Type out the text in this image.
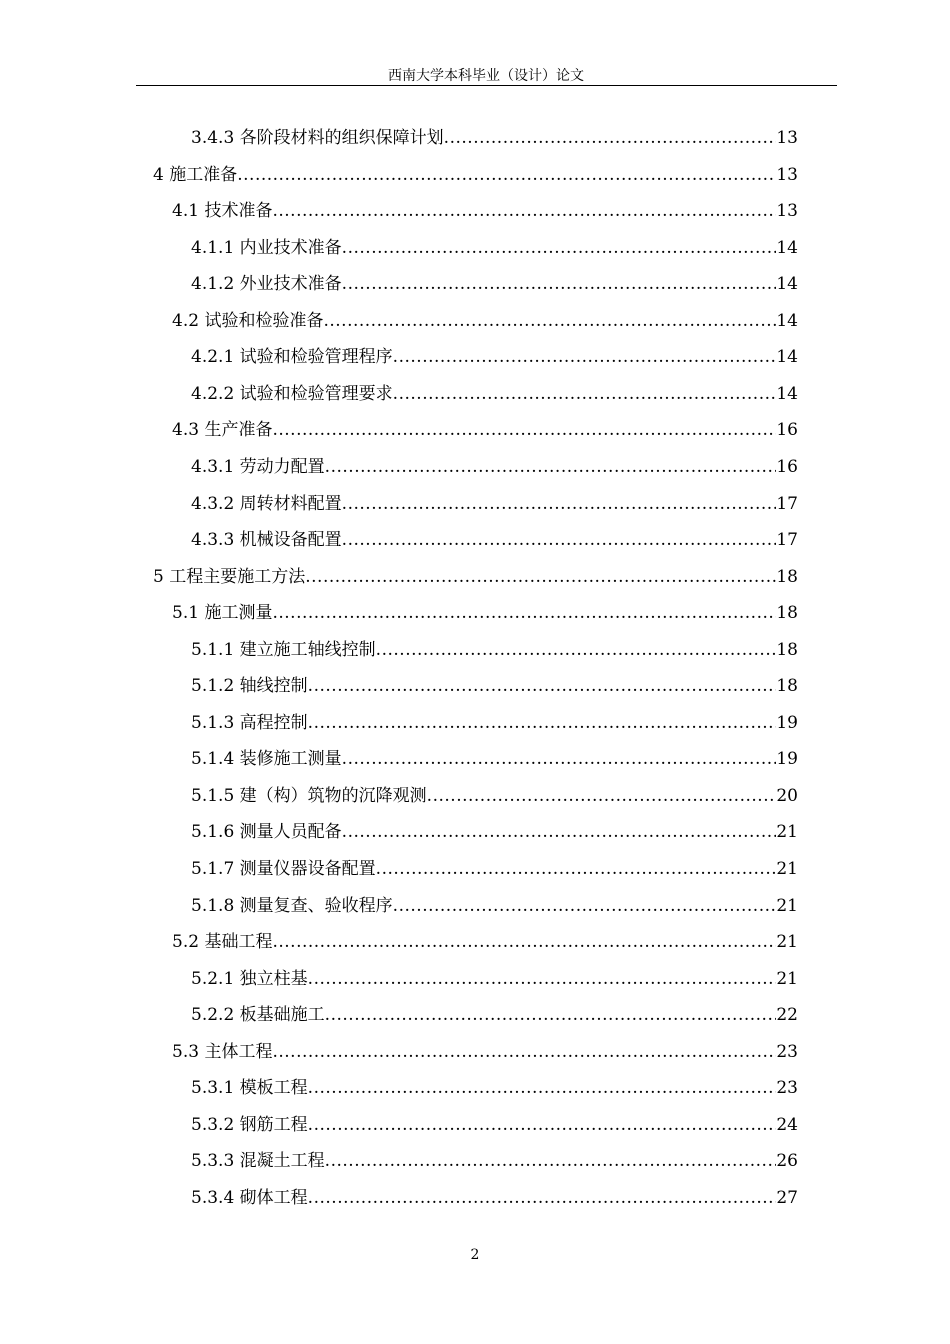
西南大学本科毕业（设计）论文
3.4.3 各阶段材料的组织保障计划 .....	13
4 施工准备 .....	13
4.1 技术准备 .....	13
4.1.1 内业技术准备 .....	14
4.1.2 外业技术准备 .....	14
4.2 试验和检验准备 .....	14
4.2.1 试验和检验管理程序 .....	14
4.2.2 试验和检验管理要求 .....	14
4.3 生产准备 .....	16
4.3.1 劳动力配置 .....	16
4.3.2 周转材料配置 .....	17
4.3.3 机械设备配置 .....	17
5 工程主要施工方法 .....	18
5.1 施工测量 .....	18
5.1.1 建立施工轴线控制 .....	18
5.1.2 轴线控制 .....	18
5.1.3 高程控制 .....	19
5.1.4 装修施工测量 .....	19
5.1.5 建（构）筑物的沉降观测 .....	20
5.1.6 测量人员配备 .....	21
5.1.7 测量仪器设备配置 .....	21
5.1.8 测量复查、验收程序 .....	21
5.2 基础工程 .....	21
5.2.1 独立柱基 .....	21
5.2.2 板基础施工 .....	22
5.3 主体工程 .....	23
5.3.1 模板工程 .....	23
5.3.2 钢筋工程 .....	24
5.3.3 混凝土工程 .....	26
5.3.4 砌体工程 .....	27
2
